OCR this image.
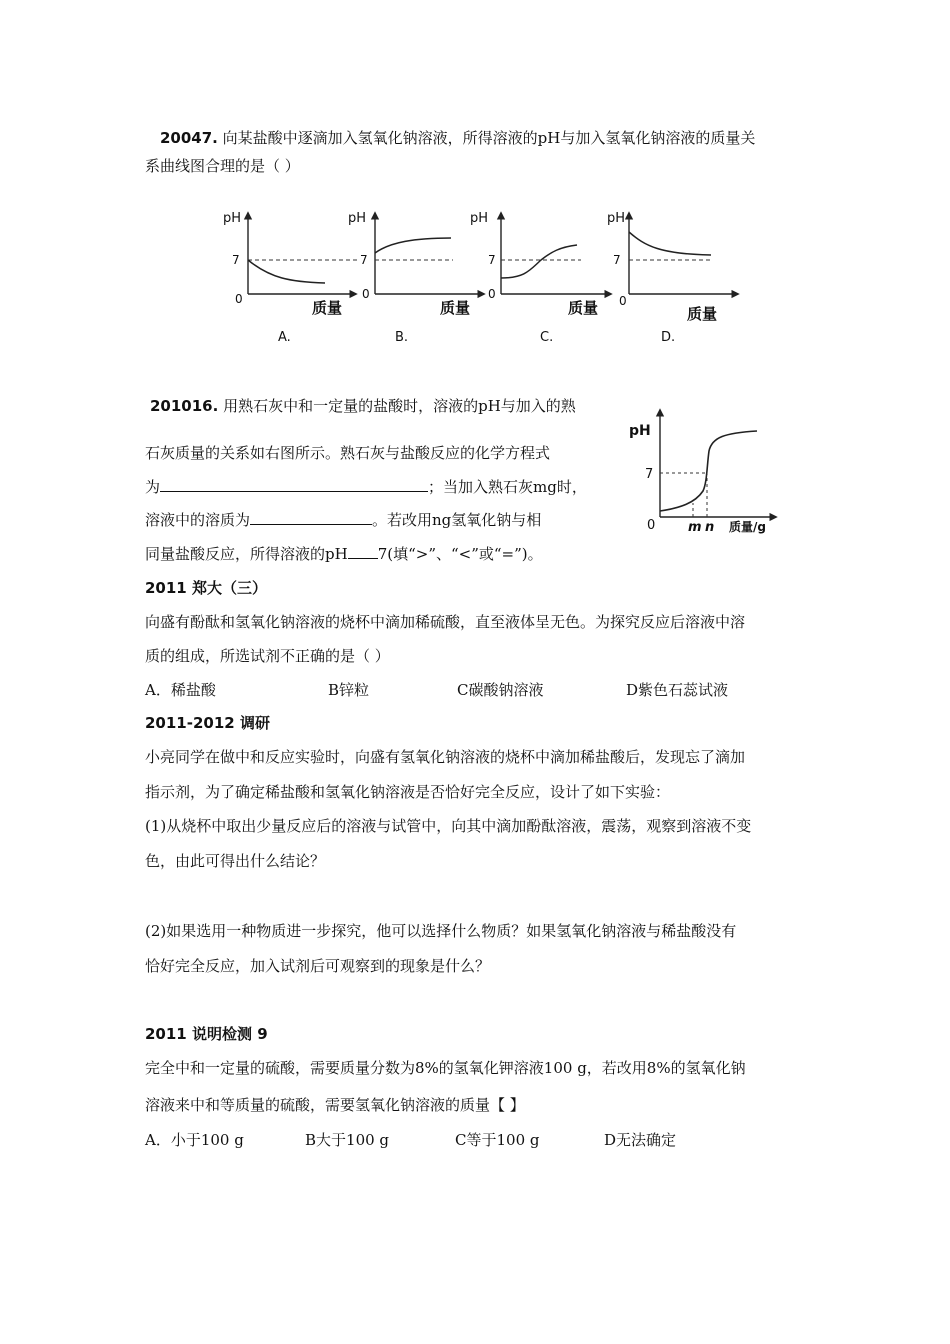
20047. 向某盐酸中逐滴加入氢氧化钠溶液，所得溶液的pH与加入氢氧化钠溶液的质量关
系曲线图合理的是（ ）
pH
7
0	质量
A.
pH
7
0
质量
B.
pH
7
0
质量
C.
pH
7
0
质量
D.
201016. 用熟石灰中和一定量的盐酸时，溶液的pH与加入的熟
石灰质量的关系如右图所示。熟石灰与盐酸反应的化学方程式
为	；当加入熟石灰mg时，
溶液中的溶质为	。若改用ng氢氧化钠与相
同量盐酸反应，所得溶液的pH 7(填“>”、“<”或“=”)。
pH
7
0	m n 质量/g
2011 郑大（三）
向盛有酚酞和氢氧化钠溶液的烧杯中滴加稀硫酸，直至液体呈无色。为探究反应后溶液中溶
质的组成，所选试剂不正确的是（ ）
A．稀盐酸	B锌粒	C碳酸钠溶液	D紫色石蕊试液
2011-2012 调研
小亮同学在做中和反应实验时，向盛有氢氧化钠溶液的烧杯中滴加稀盐酸后，发现忘了滴加
指示剂，为了确定稀盐酸和氢氧化钠溶液是否恰好完全反应，设计了如下实验：
(1)从烧杯中取出少量反应后的溶液与试管中，向其中滴加酚酞溶液，震荡，观察到溶液不变
色，由此可得出什么结论？
(2)如果选用一种物质进一步探究，他可以选择什么物质？如果氢氧化钠溶液与稀盐酸没有
恰好完全反应，加入试剂后可观察到的现象是什么？
2011 说明检测 9
完全中和一定量的硫酸，需要质量分数为8%的氢氧化钾溶液100 g，若改用8%的氢氧化钠
溶液来中和等质量的硫酸，需要氢氧化钠溶液的质量【 】
A．小于100 g	B大于100 g	C等于100 g	D无法确定
